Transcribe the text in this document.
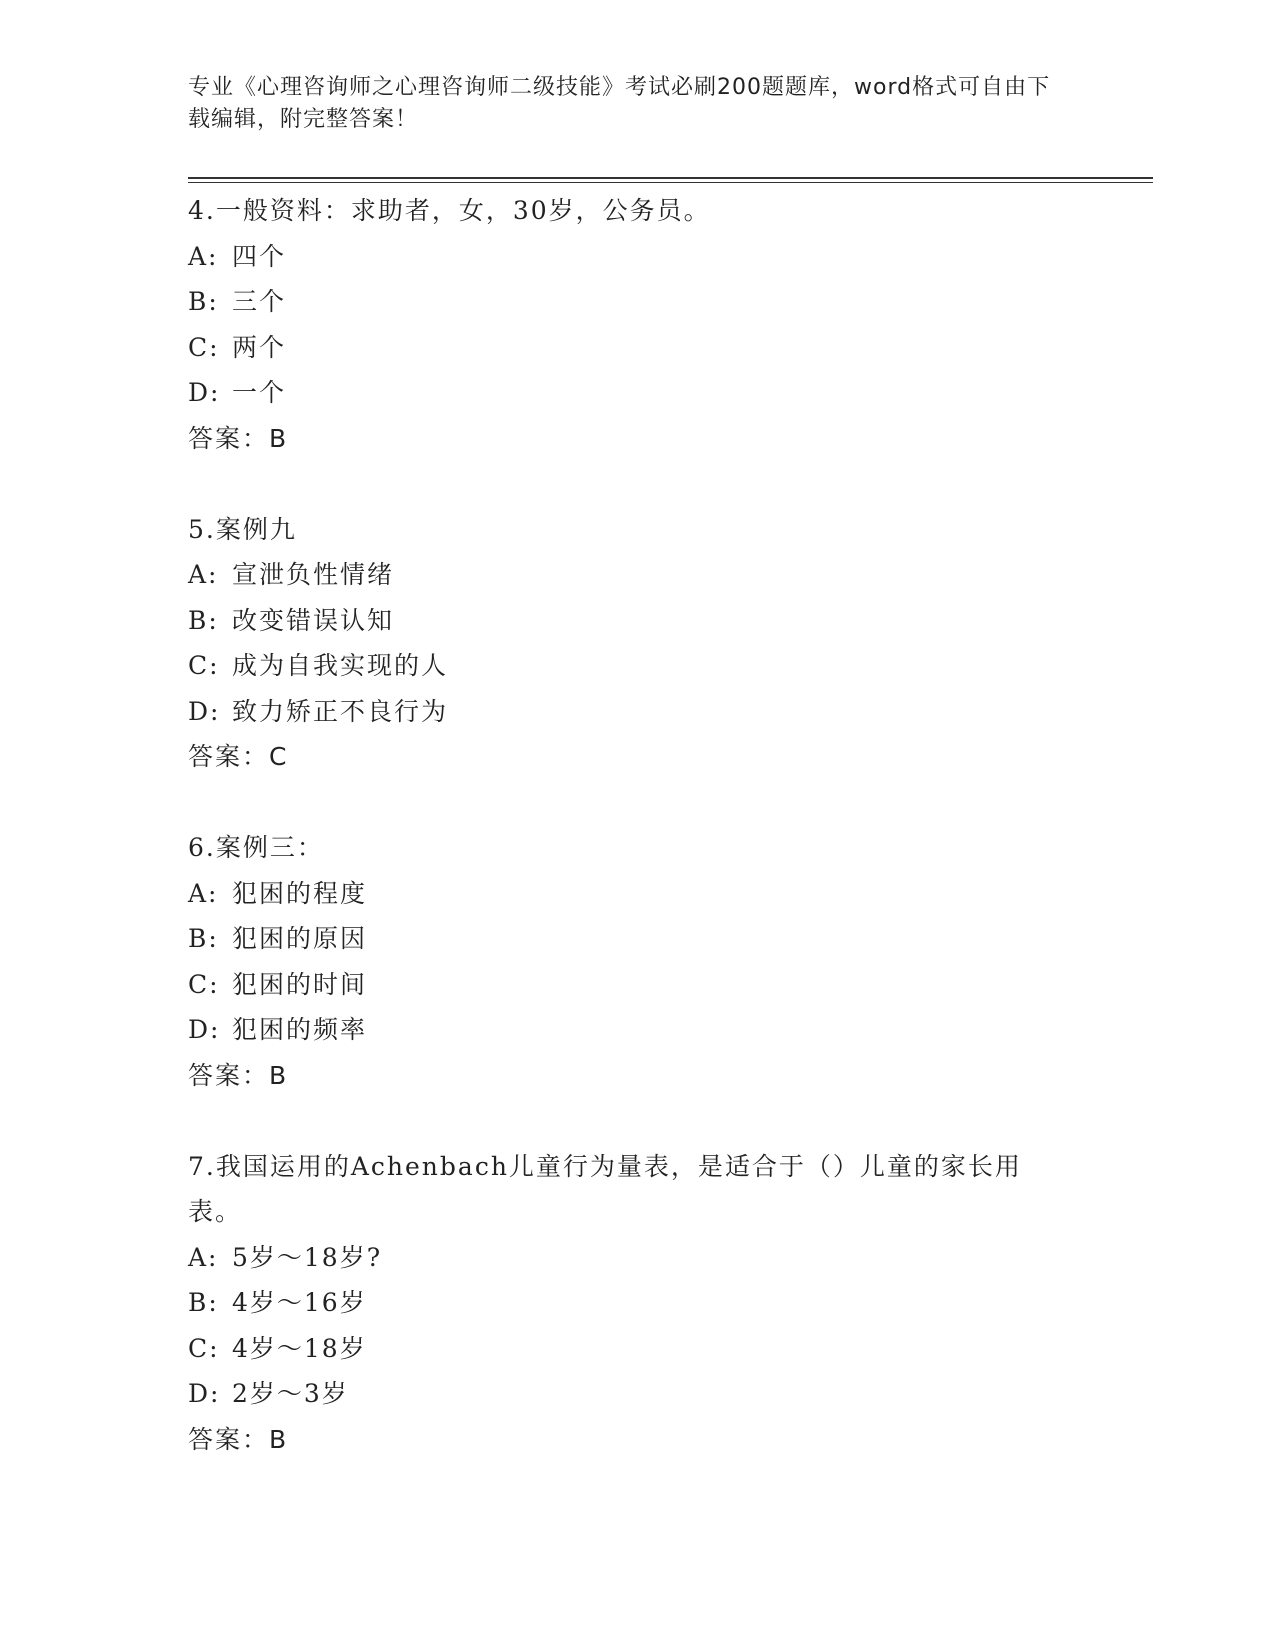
专业《心理咨询师之心理咨询师二级技能》考试必刷200题题库，word格式可自由下载编辑，附完整答案！
4.一般资料：求助者，女，30岁，公务员。
A: 四个
B: 三个
C: 两个
D: 一个
答案：B
5.案例九
A: 宣泄负性情绪
B: 改变错误认知
C: 成为自我实现的人
D: 致力矫正不良行为
答案：C
6.案例三：
A: 犯困的程度
B: 犯困的原因
C: 犯困的时间
D: 犯困的频率
答案：B
7.我国运用的Achenbach儿童行为量表，是适合于（）儿童的家长用表。
A: 5岁～18岁?
B: 4岁～16岁
C: 4岁～18岁
D: 2岁～3岁
答案：B
